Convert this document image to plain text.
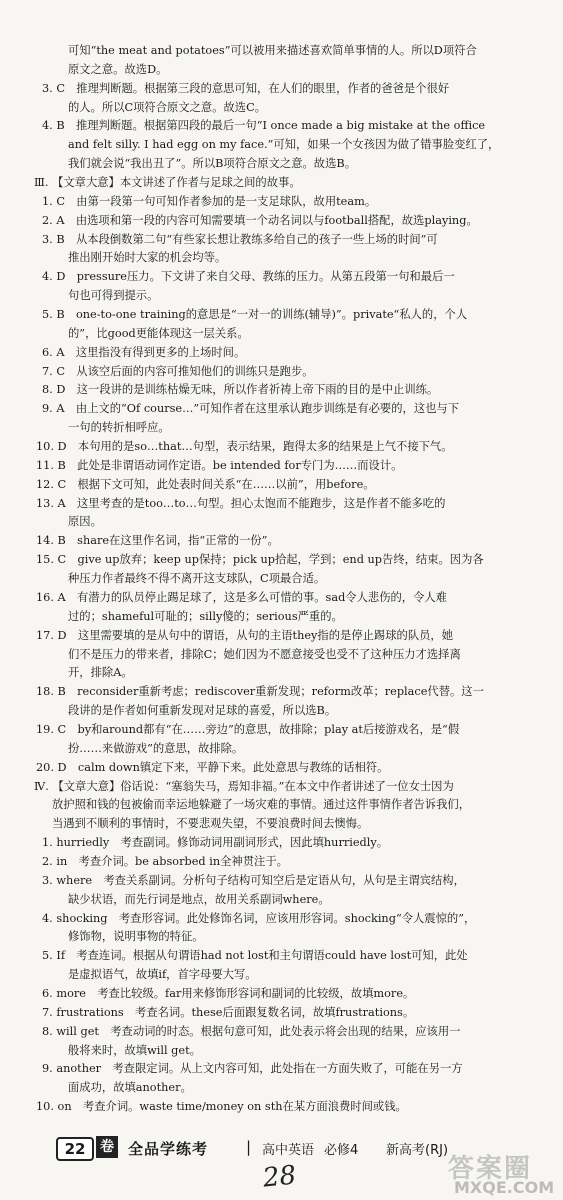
可知“the meat and potatoes”可以被用来描述喜欢简单事情的人。所以D项符合
原文之意。故选D。
3. C　推理判断题。根据第三段的意思可知，在人们的眼里，作者的爸爸是个很好
的人。所以C项符合原文之意。故选C。
4. B　推理判断题。根据第四段的最后一句“I once made a big mistake at the office
and felt silly. I had egg on my face.”可知，如果一个女孩因为做了错事脸变红了，
我们就会说“我出丑了”。所以B项符合原文之意。故选B。
Ⅲ. 【文章大意】本文讲述了作者与足球之间的故事。
1. C　由第一段第一句可知作者参加的是一支足球队，故用team。
2. A　由选项和第一段的内容可知需要填一个动名词以与football搭配，故选playing。
3. B　从本段倒数第二句“有些家长想让教练多给自己的孩子一些上场的时间”可
推出刚开始时大家的机会均等。
4. D　pressure压力。下文讲了来自父母、教练的压力。从第五段第一句和最后一
句也可得到提示。
5. B　one-to-one training的意思是“一对一的训练(辅导)”。private“私人的，个人
的”，比good更能体现这一层关系。
6. A　这里指没有得到更多的上场时间。
7. C　从该空后面的内容可推知他们的训练只是跑步。
8. D　这一段讲的是训练枯燥无味，所以作者祈祷上帝下雨的目的是中止训练。
9. A　由上文的“Of course…”可知作者在这里承认跑步训练是有必要的，这也与下
一句的转折相呼应。
10. D　本句用的是so…that…句型，表示结果，跑得太多的结果是上气不接下气。
11. B　此处是非谓语动词作定语。be intended for专门为……而设计。
12. C　根据下文可知，此处表时间关系“在……以前”，用before。
13. A　这里考查的是too…to…句型。担心太饱而不能跑步，这是作者不能多吃的
原因。
14. B　share在这里作名词，指“正常的一份”。
15. C　give up放弃；keep up保持；pick up拾起，学到；end up告终，结束。因为各
种压力作者最终不得不离开这支球队，C项最合适。
16. A　有潜力的队员停止踢足球了，这是多么可惜的事。sad令人悲伤的，令人难
过的；shameful可耻的；silly傻的；serious严重的。
17. D　这里需要填的是从句中的谓语，从句的主语they指的是停止踢球的队员，她
们不是压力的带来者，排除C；她们因为不愿意接受也受不了这种压力才选择离
开，排除A。
18. B　reconsider重新考虑；rediscover重新发现；reform改革；replace代替。这一
段讲的是作者如何重新发现对足球的喜爱，所以选B。
19. C　by和around都有“在……旁边”的意思，故排除；play at后接游戏名，是“假
扮……来做游戏”的意思，故排除。
20. D　calm down镇定下来，平静下来。此处意思与教练的话相符。
Ⅳ. 【文章大意】俗话说：“塞翁失马，焉知非福。”在本文中作者讲述了一位女士因为
放护照和钱的包被偷而幸运地躲避了一场灾难的事情。通过这件事情作者告诉我们，
当遇到不顺利的事情时，不要悲观失望，不要浪费时间去懊悔。
1. hurriedly　考查副词。修饰动词用副词形式，因此填hurriedly。
2. in　考查介词。be absorbed in全神贯注于。
3. where　考查关系副词。分析句子结构可知空后是定语从句，从句是主谓宾结构，
缺少状语，而先行词是地点，故用关系副词where。
4. shocking　考查形容词。此处修饰名词，应该用形容词。shocking“令人震惊的”，
修饰物，说明事物的特征。
5. If　考查连词。根据从句谓语had not lost和主句谓语could have lost可知，此处
是虚拟语气，故填if，首字母要大写。
6. more　考查比较级。far用来修饰形容词和副词的比较级，故填more。
7. frustrations　考查名词。these后面跟复数名词，故填frustrations。
8. will get　考查动词的时态。根据句意可知，此处表示将会出现的结果，应该用一
般将来时，故填will get。
9. another　考查限定词。从上文内容可知，此处指在一方面失败了，可能在另一方
面成功，故填another。
10. on　考查介词。waste time/money on sth在某方面浪费时间或钱。
22	卷 全品学练考	| 高中英语 必修4 新高考(RJ)
28	答案圈
MXQE.COM
